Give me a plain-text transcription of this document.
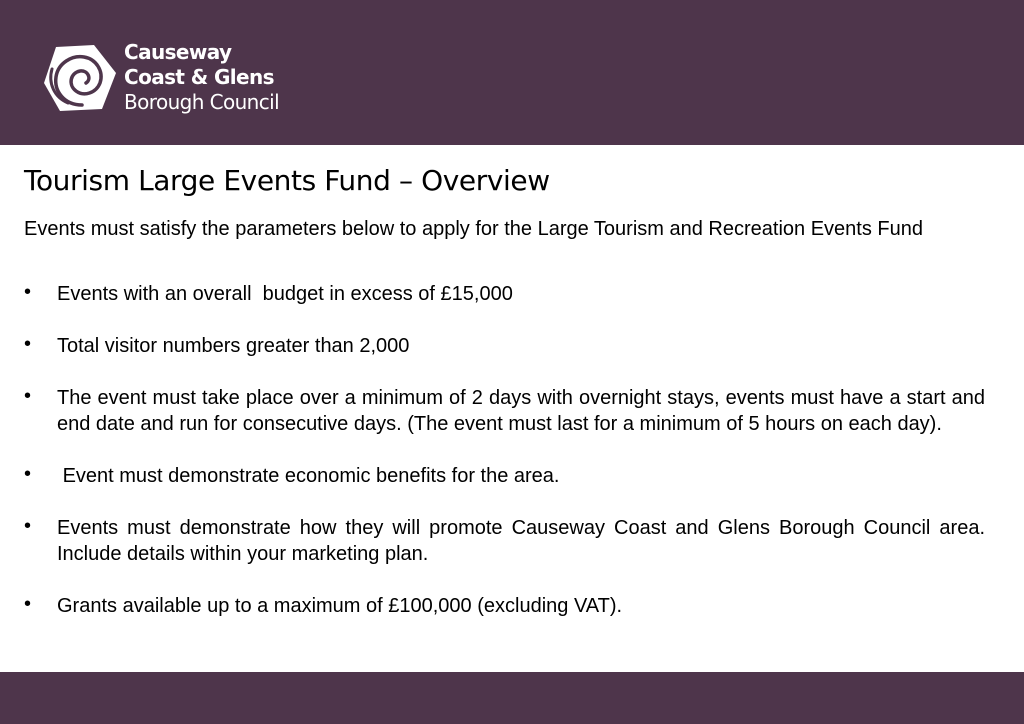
Causeway
Coast & Glens
Borough Council
Tourism Large Events Fund – Overview

Events must satisfy the parameters below to apply for the Large Tourism and Recreation Events Fund

• Events with an overall  budget in excess of £15,000
• Total visitor numbers greater than 2,000
• The event must take place over a minimum of 2 days with overnight stays, events must have a start and end date and run for consecutive days. (The event must last for a minimum of 5 hours on each day).
• Event must demonstrate economic benefits for the area.
• Events must demonstrate how they will promote Causeway Coast and Glens Borough Council area. Include details within your marketing plan.
• Grants available up to a maximum of £100,000 (excluding VAT).
